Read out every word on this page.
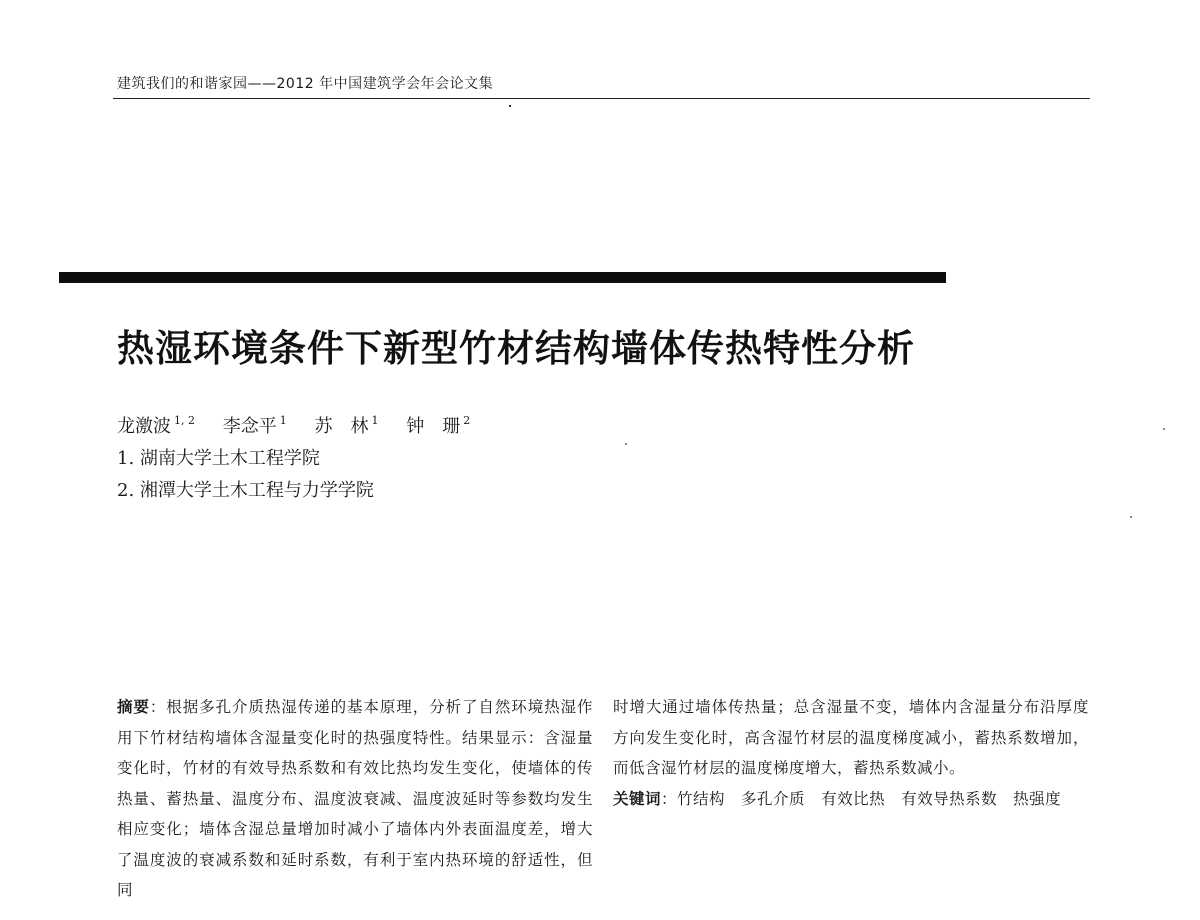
建筑我们的和谐家园——2012 年中国建筑学会年会论文集
热湿环境条件下新型竹材结构墙体传热特性分析
龙激波 $^{1, 2}$ 李念平 $^1$ 苏　林 $^1$ 钟　珊 $^2$
1. 湖南大学土木工程学院
2. 湘潭大学土木工程与力学学院
摘要：根据多孔介质热湿传递的基本原理，分析了自然环境热湿作用下竹材结构墙体含湿量变化时的热强度特性。结果显示：含湿量变化时，竹材的有效导热系数和有效比热均发生变化，使墙体的传热量、蓄热量、温度分布、温度波衰减、温度波延时等参数均发生相应变化；墙体含湿总量增加时减小了墙体内外表面温度差，增大了温度波的衰减系数和延时系数，有利于室内热环境的舒适性，但同
时增大通过墙体传热量；总含湿量不变，墙体内含湿量分布沿厚度方向发生变化时，高含湿竹材层的温度梯度减小，蓄热系数增加，而低含湿竹材层的温度梯度增大，蓄热系数减小。
关键词：竹结构 多孔介质 有效比热 有效导热系数 热强度
